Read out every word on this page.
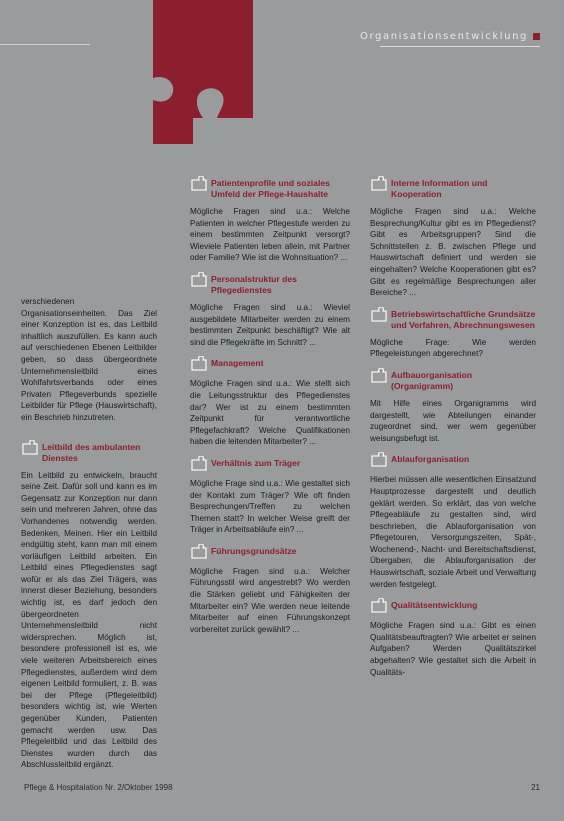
Organisationsentwicklung

verschiedenen Organisationseinheiten. Das Ziel einer Konzeption ist es, das Leitbild inhaltlich auszufüllen. Es kann auch auf verschiedenen Ebenen Leitbilder geben, so dass übergeordnete Unternehmensleitbild eines Wohlfahrtsverbands oder eines Privaten Pflegeverbunds spezielle Leitbilder für Pflege (Hauswirtschaft), ein Beschrieb hinzutreten.

Leitbild des ambulanten Dienstes

Ein Leitbild zu entwickeln, braucht seine Zeit. Dafür soll und kann es im Gegensatz zur Konzeption nur dann sein und mehreren Jahren, ohne das Vorhandenes notwendig werden. Bedenken, Meinen. Hier ein Leitbild endgültig steht, kann man mit einem vorläufigen Leitbild arbeiten. Ein Leitbild eines Pflegedienstes sagt wofür er als das Ziel Trägers, was innerst dieser Beziehung, besonders wichtig ist, es darf jedoch den übergeordneten Unternehmensleitbild nicht widersprechen. Möglich ist, besondere professionell ist es, wie viele weiteren Arbeitsbereich eines Pflegedienstes, außerdem wird dem eigenen Leitbild formuliert, z. B. was bei der Pflege (Pflegeleitbild) besonders wichtig ist, wie Werten gegenüber Kunden, Patienten gemacht werden usw. Das Pflegeleitbild und das Leitbild des Dienstes wurden durch das Abschlussleitbild ergänzt.

Patientenprofile und soziales Umfeld der Pflege-Haushalte

Mögliche Fragen sind u.a.: Welche Patienten in welcher Pflegestufe werden zu einem bestimmten Zeitpunkt versorgt? Wieviele Patienten leben allein, mit Partner oder Familie? Wie ist die Wohnsituation? ...

Personalstruktur des Pflegedienstes

Mögliche Fragen sind u.a.: Wieviel ausgebildete Mitarbeiter werden zu einem bestimmten Zeitpunkt beschäftigt? Wie alt sind die Pflegekräfte im Schnitt? ...

Management

Mögliche Fragen sind u.a.: Wie stellt sich die Leitungsstruktur des Pflegedienstes dar? Wer ist zu einem bestimmten Zeitpunkt für verantwortliche Pflegefachkraft? Welche Qualifikationen haben die leitenden Mitarbeiter? ...

Verhältnis zum Träger

Mögliche Frage sind u.a.: Wie gestaltet sich der Kontakt zum Träger? Wie oft finden Besprechungen/Treffen zu welchen Themen statt? In welcher Weise greift der Träger in Arbeitsabläufe ein? ...

Führungsgrundsätze

Mögliche Fragen sind u.a.: Welcher Führungsstil wird angestrebt? Wo werden die Stärken geliebt und Fähigkeiten der Mitarbeiter ein? Wie werden neue leitende Mitarbeiter auf einen Führungskonzept vorbereitet zurück gewählt? ...

Interne Information und Kooperation

Mögliche Fragen sind u.a.: Welche Besprechung/Kultur gibt es im Pflegedienst? Gibt es Arbeitsgruppen? Sind die Schnittstellen z. B. zwischen Pflege und Hauswirtschaft definiert und werden sie eingehalten? Welche Kooperationen gibt es? Gibt es regelmäßige Besprechungen aller Bereiche? ...

Betriebswirtschaftliche Grundsätze und Verfahren, Abrechnungswesen

Mögliche Frage: Wie werden Pflegeleistungen abgerechnet?

Aufbauorganisation (Organigramm)

Mit Hilfe eines Organigramms wird dargestellt, wie Abteilungen einander zugeordnet sind, wer wem gegenüber weisungsbefugt ist.

Ablauforganisation

Hierbei müssen alle wesentlichen Einsatzund Hauptprozesse dargestellt und deutlich geklärt werden. So erklärt, das von welche Pflegeabläufe zu gestalten sind, wird beschrieben, die Ablauforganisation von Pflegetouren, Versorgungszeiten, Spät-, Wochenend-, Nacht- und Bereitschaftsdienst, Übergaben, die Ablauforganisation der Hauswirtschaft, soziale Arbeit und Verwaltung werden festgelegt.

Qualitätsentwicklung

Mögliche Fragen sind u.a.: Gibt es einen Qualitätsbeauftragten? Wie arbeitet er seinen Aufgaben? Werden Qualitätszirkel abgehalten? Wie gestaltet sich die Arbeit in Qualitäts-

Pflege & Hospitalation Nr. 2/Oktober 1998	21
